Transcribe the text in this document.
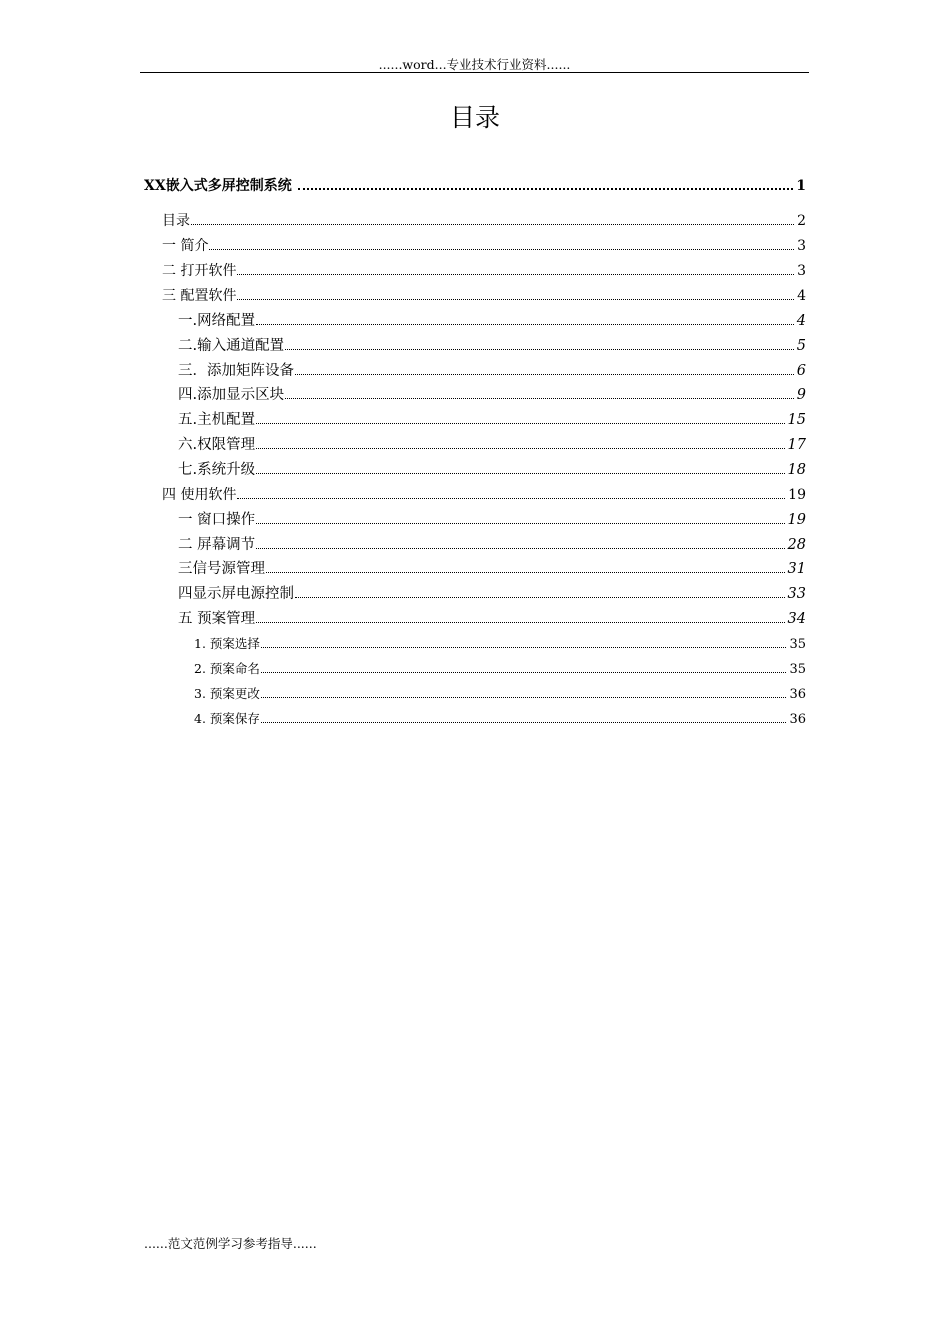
......word...专业技术行业资料......
目录
XX嵌入式多屏控制系统	1
目录	2
一 简介	3
二 打开软件	3
三 配置软件	4
一.网络配置	4
二.输入通道配置	5
三．添加矩阵设备	6
四.添加显示区块	9
五.主机配置	15
六.权限管理	17
七.系统升级	18
四 使用软件	19
一 窗口操作	19
二 屏幕调节	28
三信号源管理	31
四显示屏电源控制	33
五 预案管理	34
1. 预案选择	35
2. 预案命名	35
3. 预案更改	36
4. 预案保存	36
......范文范例学习参考指导......
